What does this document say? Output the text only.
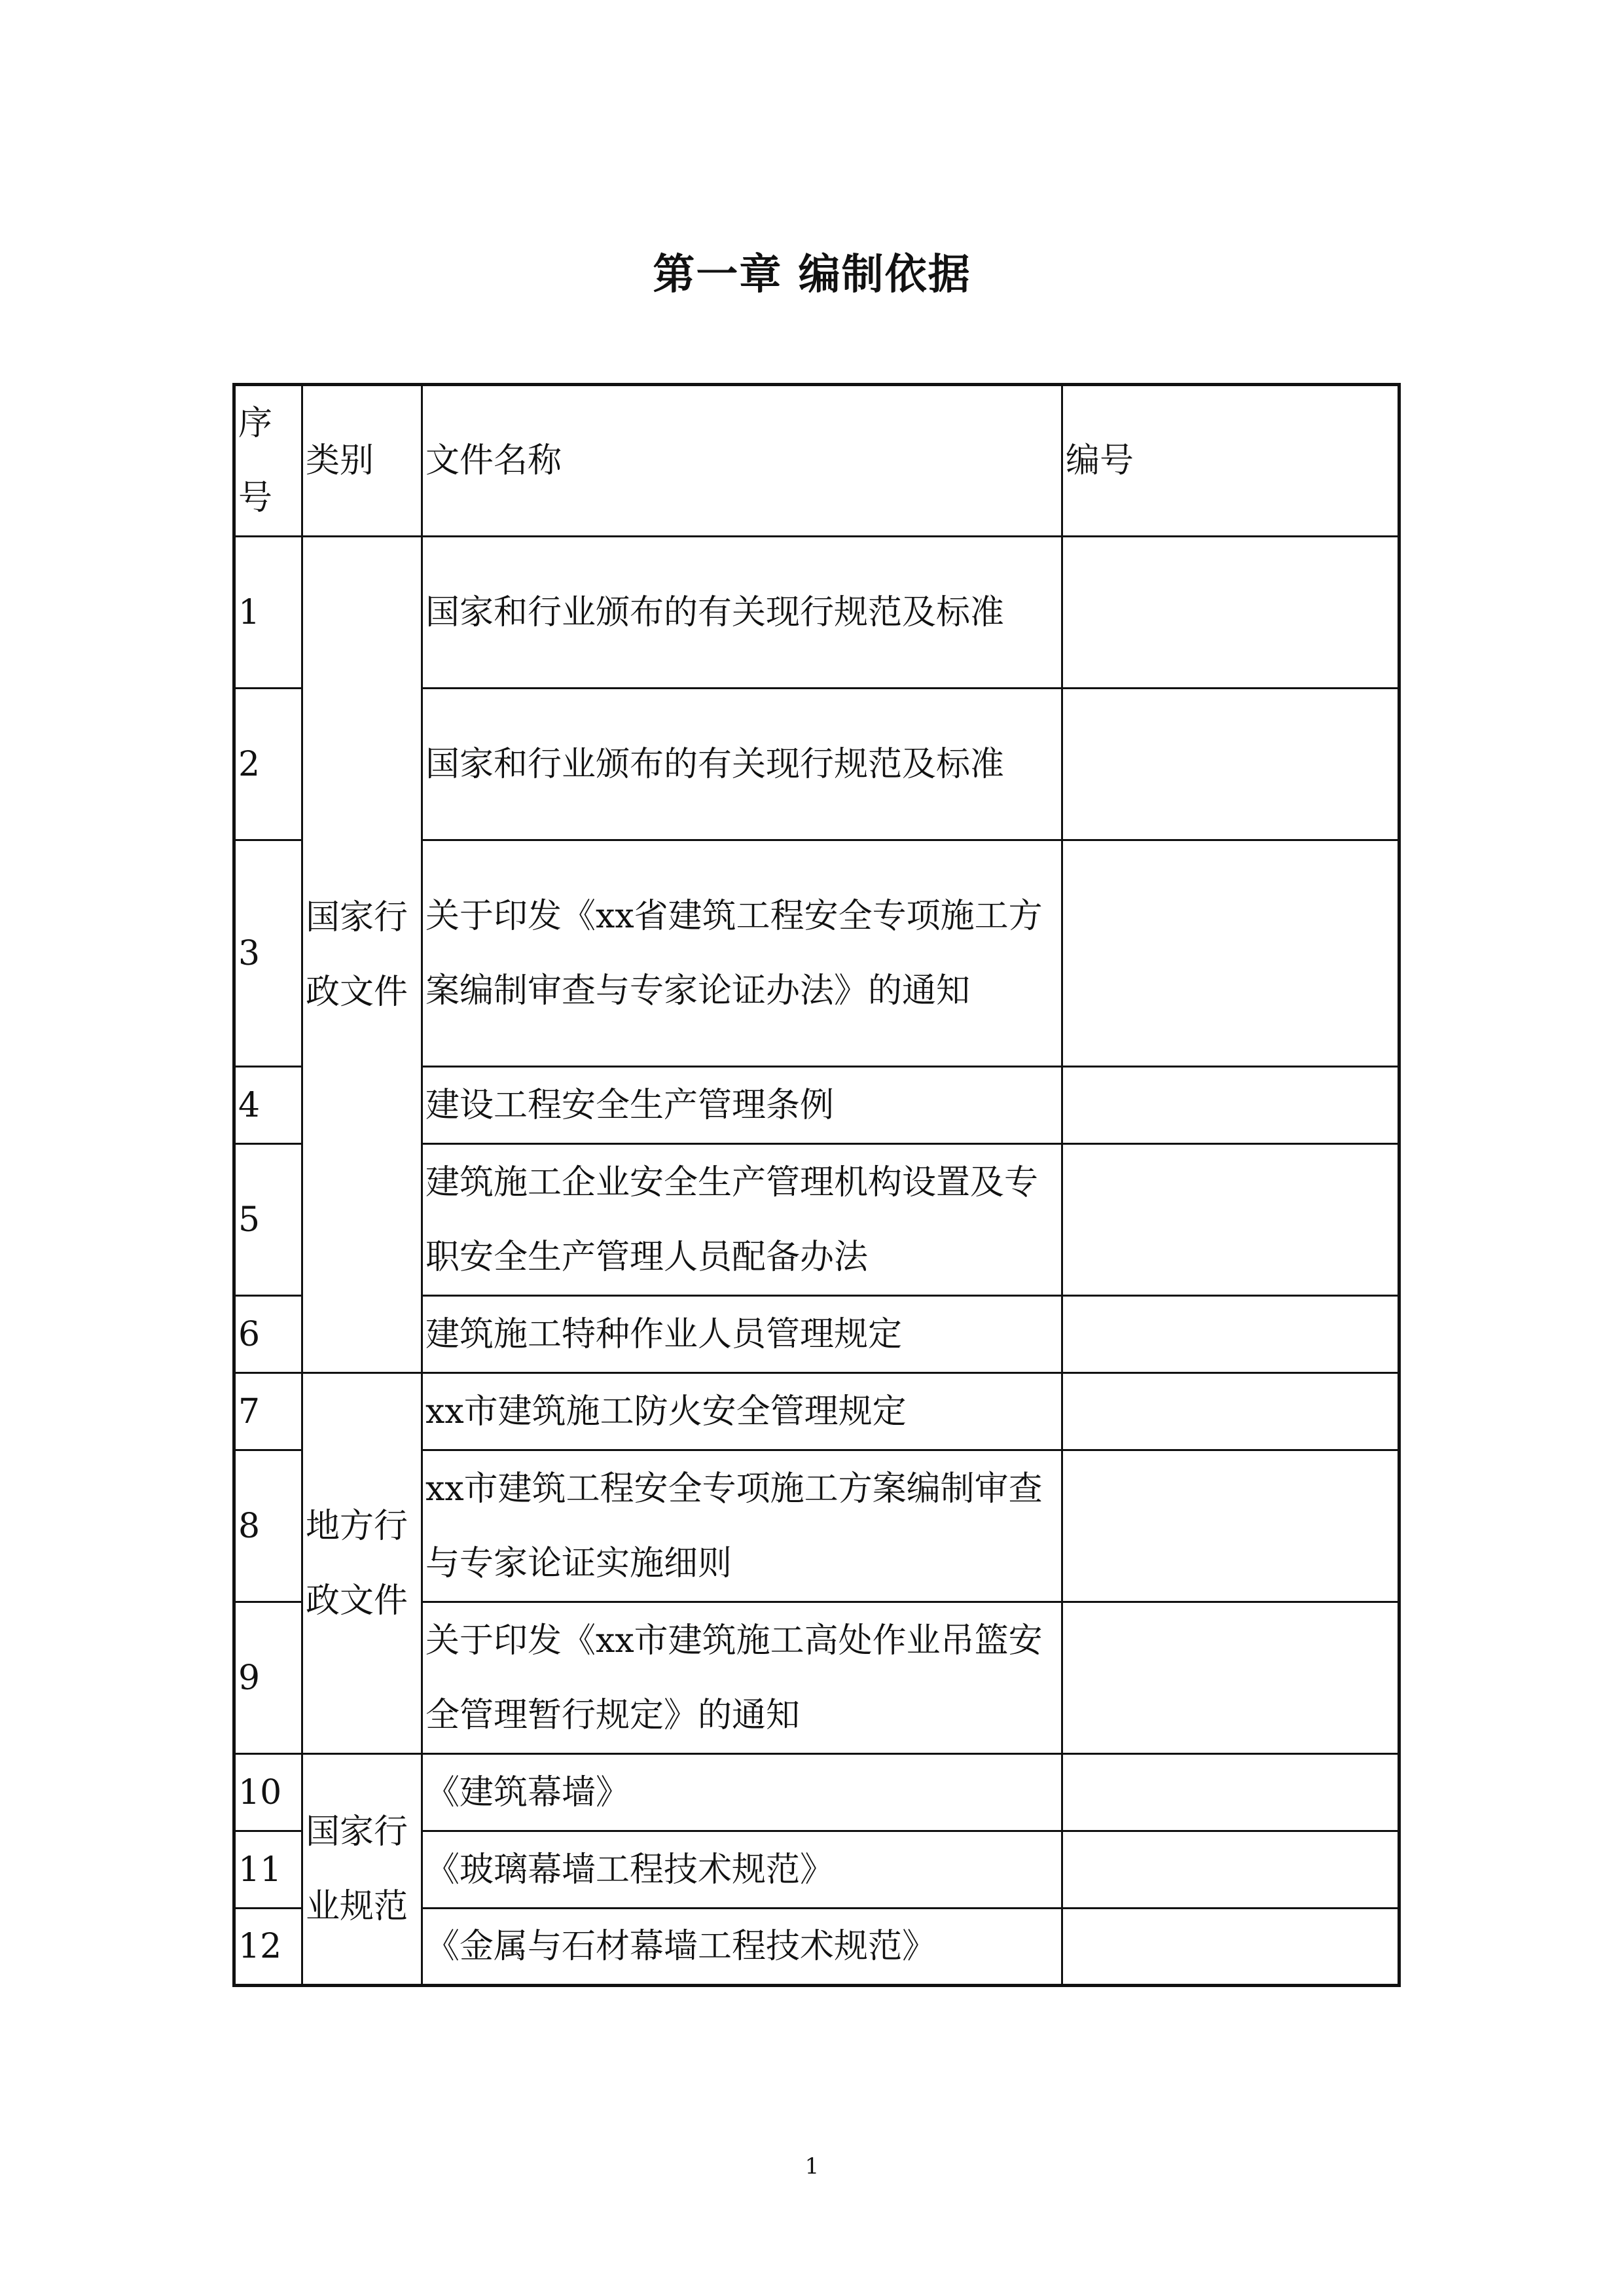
第一章 编制依据
序号	类别	文件名称	编号
1	国家行政文件	国家和行业颁布的有关现行规范及标准	
2		国家和行业颁布的有关现行规范及标准	
3		关于印发《xx省建筑工程安全专项施工方案编制审查与专家论证办法》的通知	
4		建设工程安全生产管理条例	
5		建筑施工企业安全生产管理机构设置及专职安全生产管理人员配备办法	
6		建筑施工特种作业人员管理规定	
7	地方行政文件	xx市建筑施工防火安全管理规定	
8		xx市建筑工程安全专项施工方案编制审查与专家论证实施细则	
9		关于印发《xx市建筑施工高处作业吊篮安全管理暂行规定》的通知	
10	国家行业规范	《建筑幕墙》	
11		《玻璃幕墙工程技术规范》	
12		《金属与石材幕墙工程技术规范》	
1
